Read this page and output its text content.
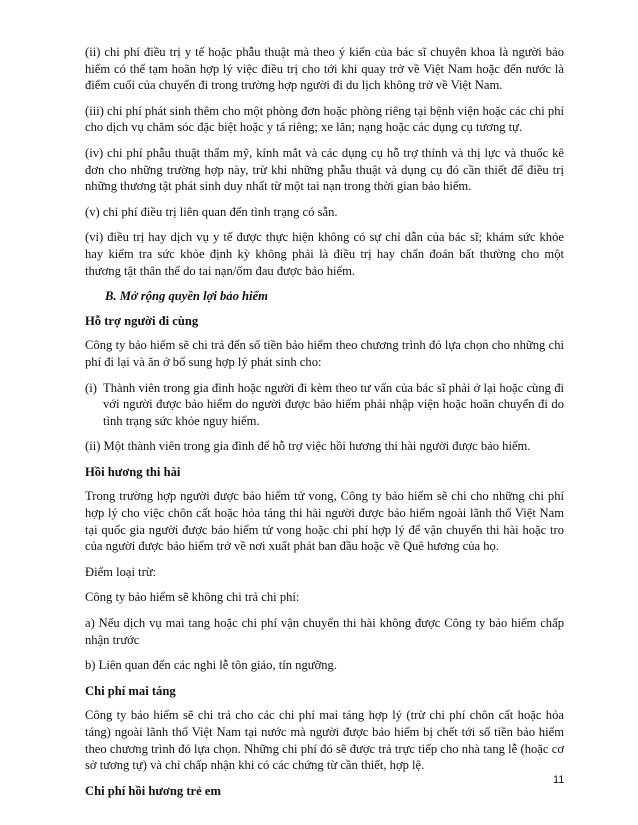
(ii) chi phí điều trị y tế hoặc phẫu thuật mà theo ý kiến của bác sĩ chuyên khoa là người bảo hiểm có thể tạm hoãn hợp lý việc điều trị cho tới khi quay trở về Việt Nam hoặc đến nước là điểm cuối của chuyến đi trong trường hợp người đi du lịch không trở về Việt Nam.

(iii) chi phí phát sinh thêm cho một phòng đơn hoặc phòng riêng tại bệnh viện hoặc các chi phí cho dịch vụ chăm sóc đặc biệt hoặc y tá riêng; xe lăn; nạng hoặc các dụng cụ tương tự.

(iv) chi phí phẫu thuật thẩm mỹ, kính mắt và các dụng cụ hỗ trợ thính và thị lực và thuốc kê đơn cho những trường hợp này, trừ khi những phẫu thuật và dụng cụ đó cần thiết để điều trị những thương tật phát sinh duy nhất từ một tai nạn trong thời gian bảo hiểm.

(v) chi phí điều trị liên quan đến tình trạng có sẵn.

(vi) điều trị hay dịch vụ y tế được thực hiện không có sự chỉ dẫn của bác sĩ; khám sức khỏe hay kiểm tra sức khỏe định kỳ không phải là điều trị hay chẩn đoán bất thường cho một thương tật thân thể do tai nạn/ốm đau được bảo hiểm.

B. Mở rộng quyền lợi bảo hiểm

Hỗ trợ người đi cùng

Công ty bảo hiểm sẽ chi trả đến số tiền bảo hiểm theo chương trình đó lựa chọn cho những chi phí đi lại và ăn ở bổ sung hợp lý phát sinh cho:

(i) Thành viên trong gia đình hoặc người đi kèm theo tư vấn của bác sĩ phải ở lại hoặc cùng đi với người được bảo hiểm do người được bảo hiểm phải nhập viện hoặc hoãn chuyến đi do tình trạng sức khỏe nguy hiểm.

(ii) Một thành viên trong gia đình để hỗ trợ việc hồi hương thi hài người được bảo hiểm.

Hồi hương thi hài

Trong trường hợp người được bảo hiểm tử vong, Công ty bảo hiểm sẽ chi cho những chi phí hợp lý cho việc chôn cất hoặc hỏa táng thi hài người được bảo hiểm ngoài lãnh thổ Việt Nam tại quốc gia người được bảo hiểm tử vong hoặc chi phí hợp lý để vận chuyển thi hài hoặc tro của người được bảo hiểm trở về nơi xuất phát ban đầu hoặc về Quê hương của họ.

Điểm loại trừ:

Công ty bảo hiểm sẽ không chi trả chi phí:

a) Nếu dịch vụ mai tang hoặc chi phí vận chuyển thi hài không được Công ty bảo hiểm chấp nhận trước

b) Liên quan đến các nghi lễ tôn giáo, tín ngưỡng.

Chi phí mai táng

Công ty bảo hiểm sẽ chi trả cho các chi phí mai táng hợp lý (trừ chi phí chôn cất hoặc hỏa táng) ngoài lãnh thổ Việt Nam tại nước mà người được bảo hiểm bị chết tới số tiền bảo hiểm theo chương trình đó lựa chọn. Những chi phí đó sẽ được trả trực tiếp cho nhà tang lễ (hoặc cơ sở tương tự) và chỉ chấp nhận khi có các chứng từ cần thiết, hợp lệ.

Chi phí hồi hương trẻ em

11
